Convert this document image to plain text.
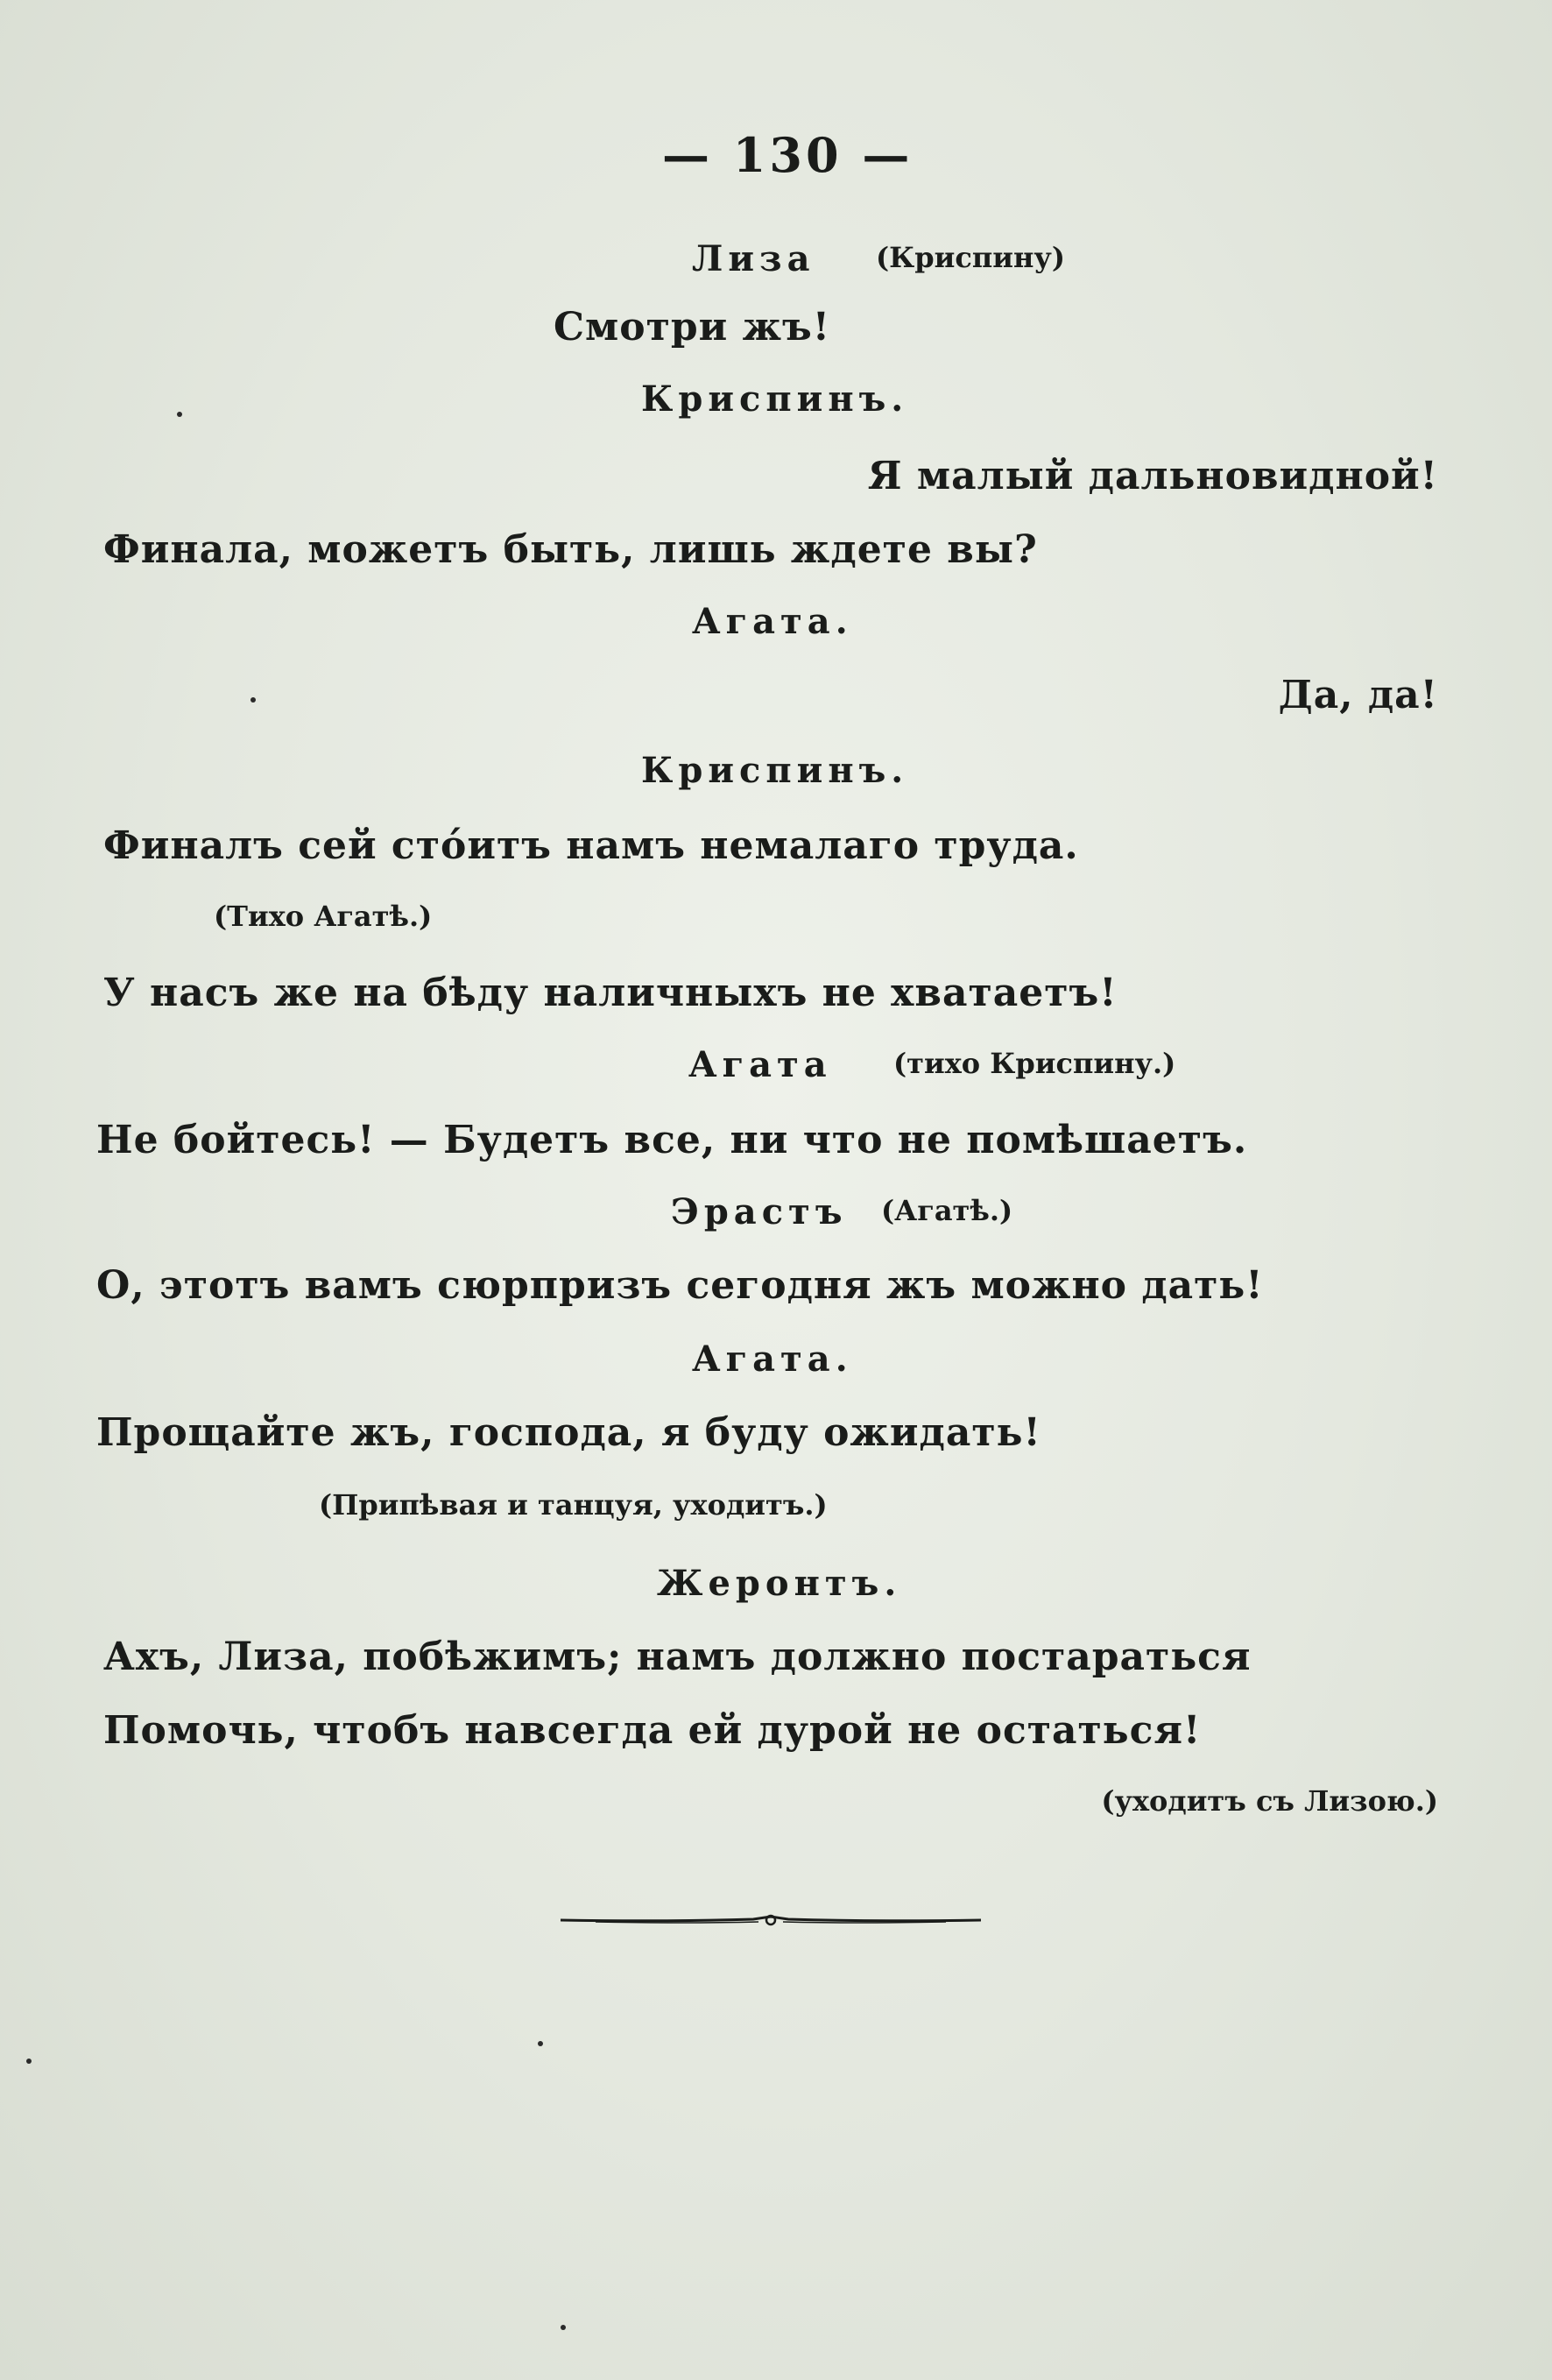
— 130 —
Лиза (Криспину)
Смотри жъ!
Криспинъ.
Я малый дальновидной!
Финала, можетъ быть, лишь ждете вы?
Агата.
Да, да!
Криспинъ.
Финалъ сей стóитъ намъ немалаго труда.
(Тихо Агатѣ.)
У насъ же на бѣду наличныхъ не хватаетъ!
Агата (тихо Криспину.)
Не бойтесь! — Будетъ все, ни что не помѣшаетъ.
Эрастъ (Агатѣ.)
О, этотъ вамъ сюрпризъ сегодня жъ можно дать!
Агата.
Прощайте жъ, господа, я буду ожидать!
(Припѣвая и танцуя, уходитъ.)
Жеронтъ.
Ахъ, Лиза, побѣжимъ; намъ должно постараться
Помочь, чтобъ навсегда ей дурой не остаться!
(уходитъ съ Лизою.)
